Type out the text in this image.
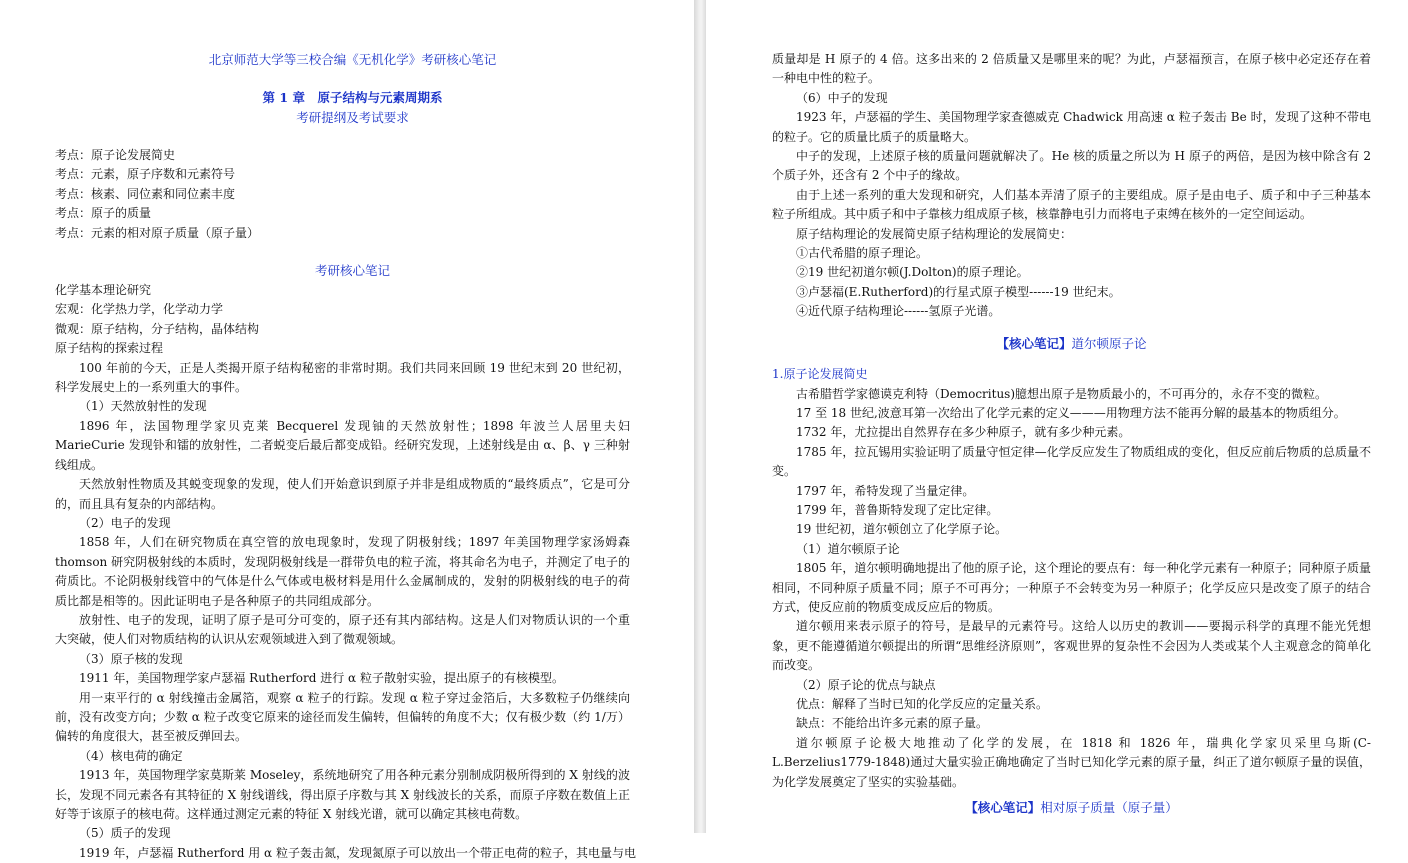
北京师范大学等三校合编《无机化学》考研核心笔记

第 1 章　原子结构与元素周期系

考研提纲及考试要求

考点：原子论发展简史

考点：元素，原子序数和元素符号

考点：核素、同位素和同位素丰度

考点：原子的质量

考点：元素的相对原子质量（原子量）

考研核心笔记

化学基本理论研究

宏观：化学热力学，化学动力学

微观：原子结构，分子结构，晶体结构

原子结构的探索过程

100 年前的今天，正是人类揭开原子结构秘密的非常时期。我们共同来回顾 19 世纪末到 20 世纪初，科学发展史上的一系列重大的事件。

（1）天然放射性的发现

1896 年，法国物理学家贝克莱 Becquerel 发现铀的天然放射性；1898 年波兰人居里夫妇 MarieCurie 发现钋和镭的放射性，二者蜕变后最后都变成铅。经研究发现，上述射线是由 α、β、γ 三种射线组成。

天然放射性物质及其蜕变现象的发现，使人们开始意识到原子并非是组成物质的“最终质点”，它是可分的，而且具有复杂的内部结构。

（2）电子的发现

1858 年，人们在研究物质在真空管的放电现象时，发现了阴极射线；1897 年美国物理学家汤姆森 thomson 研究阴极射线的本质时，发现阴极射线是一群带负电的粒子流，将其命名为电子，并测定了电子的荷质比。不论阴极射线管中的气体是什么气体或电极材料是用什么金属制成的，发射的阴极射线的电子的荷质比都是相等的。因此证明电子是各种原子的共同组成部分。

放射性、电子的发现，证明了原子是可分可变的，原子还有其内部结构。这是人们对物质认识的一个重大突破，使人们对物质结构的认识从宏观领域进入到了微观领域。

（3）原子核的发现

1911 年，美国物理学家卢瑟福 Rutherford 进行 α 粒子散射实验，提出原子的有核模型。

用一束平行的 α 射线撞击金属箔，观察 α 粒子的行踪。发现 α 粒子穿过金箔后，大多数粒子仍继续向前，没有改变方向；少数 α 粒子改变它原来的途径而发生偏转，但偏转的角度不大；仅有极少数（约 1/万）偏转的角度很大，甚至被反弹回去。

（4）核电荷的确定

1913 年，英国物理学家莫斯莱 Moseley，系统地研究了用各种元素分别制成阴极所得到的 X 射线的波长，发现不同元素各有其特征的 X 射线谱线，得出原子序数与其 X 射线波长的关系，而原子序数在数值上正好等于该原子的核电荷。这样通过测定元素的特征 X 射线光谱，就可以确定其核电荷数。

（5）质子的发现

1919 年，卢瑟福 Rutherford 用 α 粒子轰击氮，发现氮原子可以放出一个带正电荷的粒子，其电量与电

质量却是 H 原子的 4 倍。这多出来的 2 倍质量又是哪里来的呢？为此，卢瑟福预言，在原子核中必定还存在着一种电中性的粒子。

（6）中子的发现

1923 年，卢瑟福的学生、美国物理学家查德威克 Chadwick 用高速 α 粒子轰击 Be 时，发现了这种不带电的粒子。它的质量比质子的质量略大。

中子的发现，上述原子核的质量问题就解决了。He 核的质量之所以为 H 原子的两倍，是因为核中除含有 2 个质子外，还含有 2 个中子的缘故。

由于上述一系列的重大发现和研究，人们基本弄清了原子的主要组成。原子是由电子、质子和中子三种基本粒子所组成。其中质子和中子靠核力组成原子核，核靠静电引力而将电子束缚在核外的一定空间运动。

原子结构理论的发展简史原子结构理论的发展简史：

①古代希腊的原子理论。

②19 世纪初道尔顿(J.Dolton)的原子理论。

③卢瑟福(E.Rutherford)的行星式原子模型------19 世纪末。

④近代原子结构理论------氢原子光谱。

【核心笔记】道尔顿原子论

1.原子论发展简史

古希腊哲学家德谟克利特（Democritus)臆想出原子是物质最小的，不可再分的，永存不变的微粒。

17 至 18 世纪,波意耳第一次给出了化学元素的定义———用物理方法不能再分解的最基本的物质组分。

1732 年，尤拉提出自然界存在多少种原子，就有多少种元素。

1785 年，拉瓦锡用实验证明了质量守恒定律—化学反应发生了物质组成的变化，但反应前后物质的总质量不变。

1797 年，希特发现了当量定律。

1799 年，普鲁斯特发现了定比定律。

19 世纪初，道尔顿创立了化学原子论。

（1）道尔顿原子论

1805 年，道尔顿明确地提出了他的原子论，这个理论的要点有：每一种化学元素有一种原子；同种原子质量相同，不同种原子质量不同；原子不可再分；一种原子不会转变为另一种原子；化学反应只是改变了原子的结合方式，使反应前的物质变成反应后的物质。

道尔顿用来表示原子的符号，是最早的元素符号。这给人以历史的教训——要揭示科学的真理不能光凭想象，更不能遵循道尔顿提出的所谓“思维经济原则”，客观世界的复杂性不会因为人类或某个人主观意念的简单化而改变。

（2）原子论的优点与缺点

优点：解释了当时已知的化学反应的定量关系。

缺点：不能给出许多元素的原子量。

道尔顿原子论极大地推动了化学的发展，在 1818 和 1826 年，瑞典化学家贝采里乌斯(C-L.Berzelius1779-1848)通过大量实验正确地确定了当时已知化学元素的原子量，纠正了道尔顿原子量的误值，为化学发展奠定了坚实的实验基础。

【核心笔记】相对原子质量（原子量）
